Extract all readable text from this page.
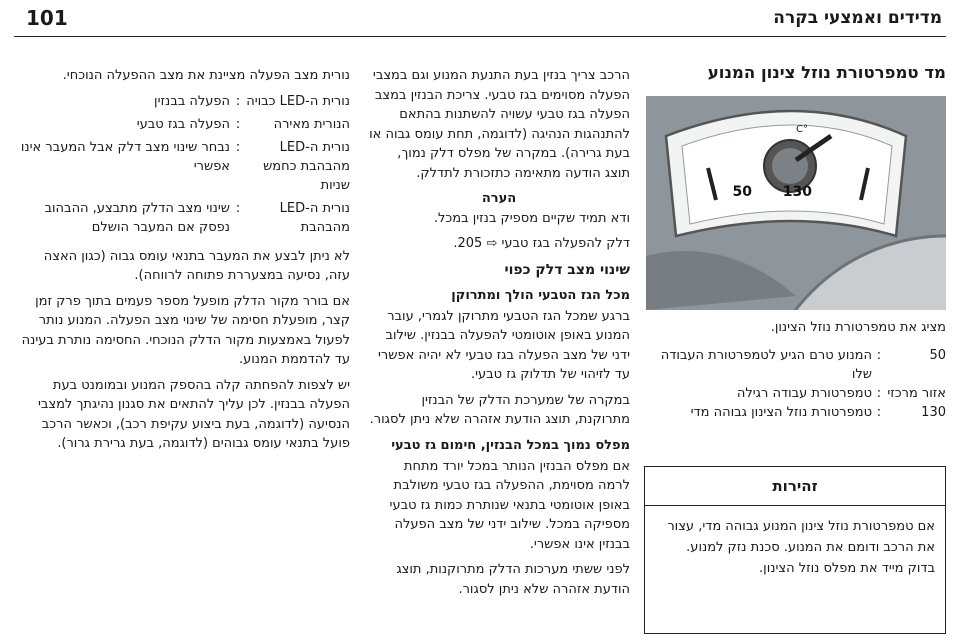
מדידים ואמצעי בקרה
101
מד טמפרטורת נוזל צינון המנוע
°C
50 130
מציג את טמפרטורת נוזל הצינון.
50
:
המנוע טרם הגיע לטמפרטורת העבודה שלו
אזור מרכזי
:
טמפרטורת עבודה רגילה
130
:
טמפרטורת נוזל הצינון גבוהה מדי
זהירות
אם טמפרטורת נוזל צינון המנוע גבוהה מדי, עצור את הרכב ודומם את המנוע. סכנת נזק למנוע. בדוק מייד את מפלס נוזל הצינון.

הרכב צריך בנזין בעת התנעת המנוע וגם במצבי הפעלה מסוימים בגז טבעי. צריכת הבנזין במצב הפעלה בגז טבעי עשויה להשתנות בהתאם להתנהגות הנהיגה (לדוגמה, תחת עומס גבוה או בעת גרירה). במקרה של מפלס דלק נמוך, תוצג הודעה מתאימה כתזכורת לתדלק.

הערה

ודא תמיד שקיים מספיק בנזין במכל.

דלק להפעלה בגז טבעי ⇨ 205.

שינוי מצב דלק כפוי
מכל הגז הטבעי הולך ומתרוקן

ברגע שמכל הגז הטבעי מתרוקן לגמרי, עובר המנוע באופן אוטומטי להפעלה בבנזין. שילוב ידני של מצב הפעלה בגז טבעי לא יהיה אפשרי עד לזיהוי של תדלוק גז טבעי.

במקרה של שמערכת הדלק של הבנזין מתרוקנת, תוצג הודעת אזהרה שלא ניתן לסגור.

מפלס נמוך במכל הבנזין, חימום גז טבעי

אם מפלס הבנזין הנותר במכל יורד מתחת לרמה מסוימת, ההפעלה בגז טבעי משולבת באופן אוטומטי בתנאי שנותרת כמות גז טבעי מספיקה במכל. שילוב ידני של מצב הפעלה בבנזין אינו אפשרי.

לפני ששתי מערכות הדלק מתרוקנות, תוצג הודעת אזהרה שלא ניתן לסגור.

נורית מצב הפעלה מציינת את מצב ההפעלה הנוכחי.

נורית ה-LED כבויה
:
הפעלה בבנזין
הנורית מאירה
:
הפעלה בגז טבעי
נורית ה-LED מהבהבת כחמש שניות
:
נבחר שינוי מצב דלק אבל המעבר אינו אפשרי
נורית ה-LED מהבהבת
:
שינוי מצב הדלק מתבצע, ההבהוב נפסק אם המעבר הושלם

לא ניתן לבצע את המעבר בתנאי עומס גבוה (כגון האצה עזה, נסיעה במצעררת פתוחה לרווחה).

אם בורר מקור הדלק מופעל מספר פעמים בתוך פרק זמן קצר, מופעלת חסימה של שינוי מצב הפעלה. המנוע נותר לפעול באמצעות מקור הדלק הנוכחי. החסימה נותרת בעינה עד להדממת המנוע.

יש לצפות להפחתה קלה בהספק המנוע ובמומנט בעת הפעלה בבנזין. לכן עליך להתאים את סגנון נהיגתך למצבי הנסיעה (לדוגמה, בעת ביצוע עקיפת רכב), וכאשר הרכב פועל בתנאי עומס גבוהים (לדוגמה, בעת גרירת גרור).
